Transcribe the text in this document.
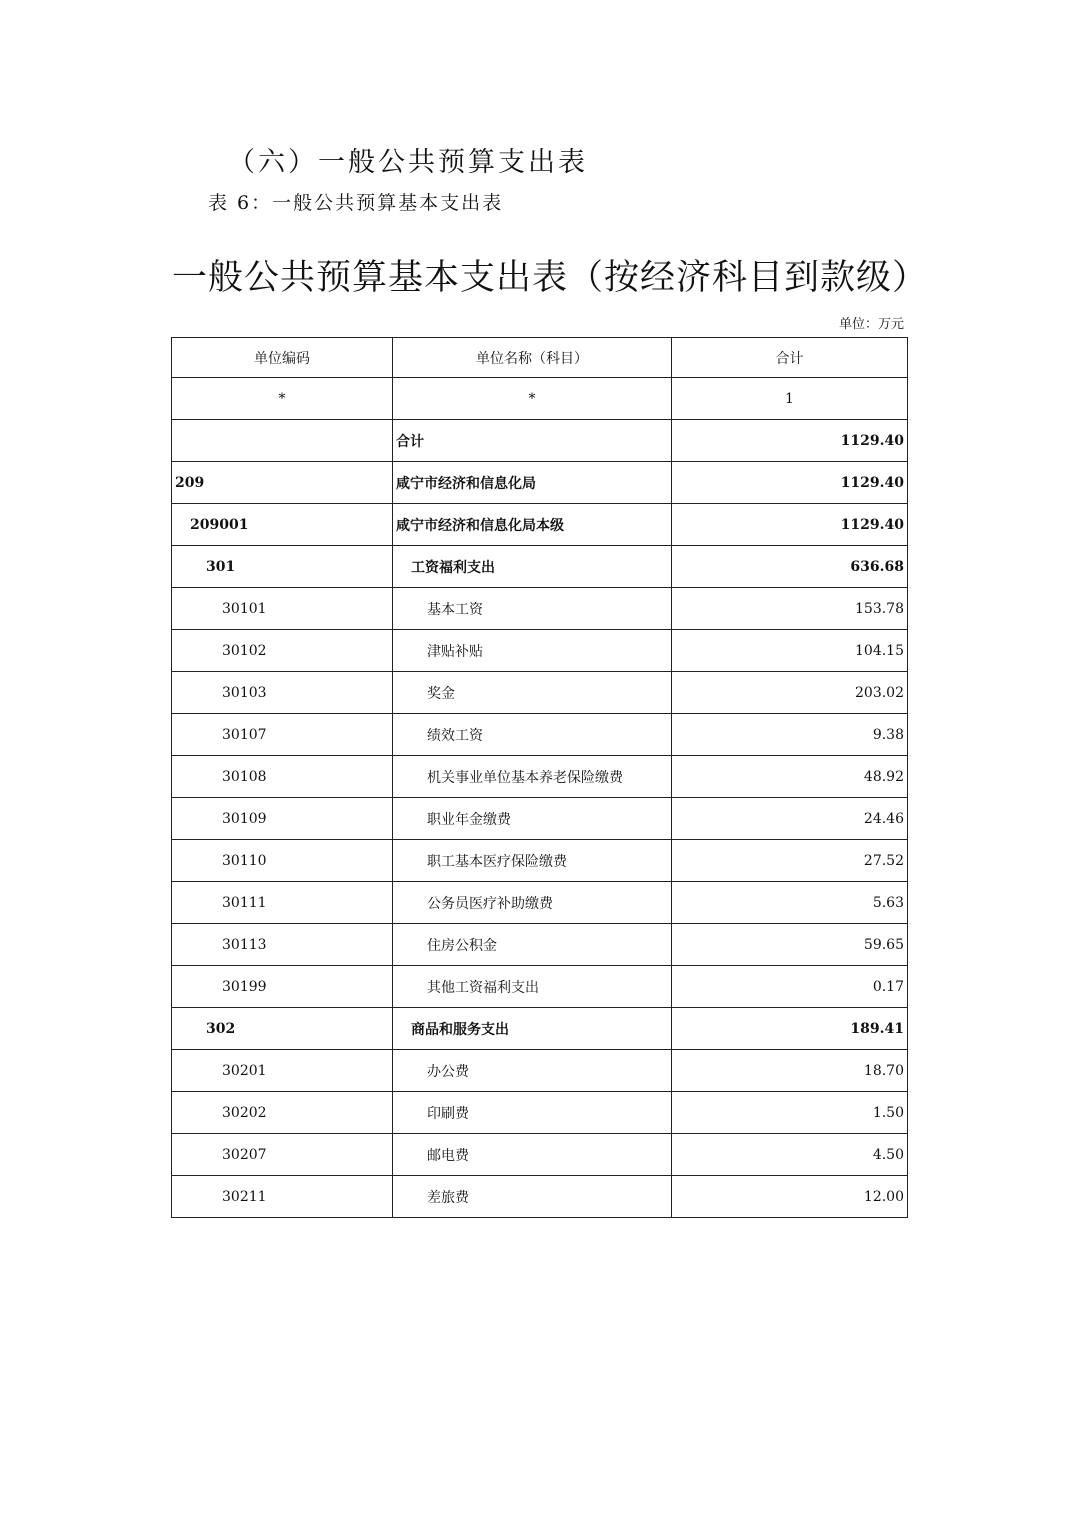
（六）一般公共预算支出表
表 6：一般公共预算基本支出表
一般公共预算基本支出表（按经济科目到款级）
单位：万元
单位编码	单位名称（科目）	合计
*	*	1
	合计	1129.40
209	咸宁市经济和信息化局	1129.40
209001	咸宁市经济和信息化局本级	1129.40
301	工资福利支出	636.68
30101	基本工资	153.78
30102	津贴补贴	104.15
30103	奖金	203.02
30107	绩效工资	9.38
30108	机关事业单位基本养老保险缴费	48.92
30109	职业年金缴费	24.46
30110	职工基本医疗保险缴费	27.52
30111	公务员医疗补助缴费	5.63
30113	住房公积金	59.65
30199	其他工资福利支出	0.17
302	商品和服务支出	189.41
30201	办公费	18.70
30202	印刷费	1.50
30207	邮电费	4.50
30211	差旅费	12.00
